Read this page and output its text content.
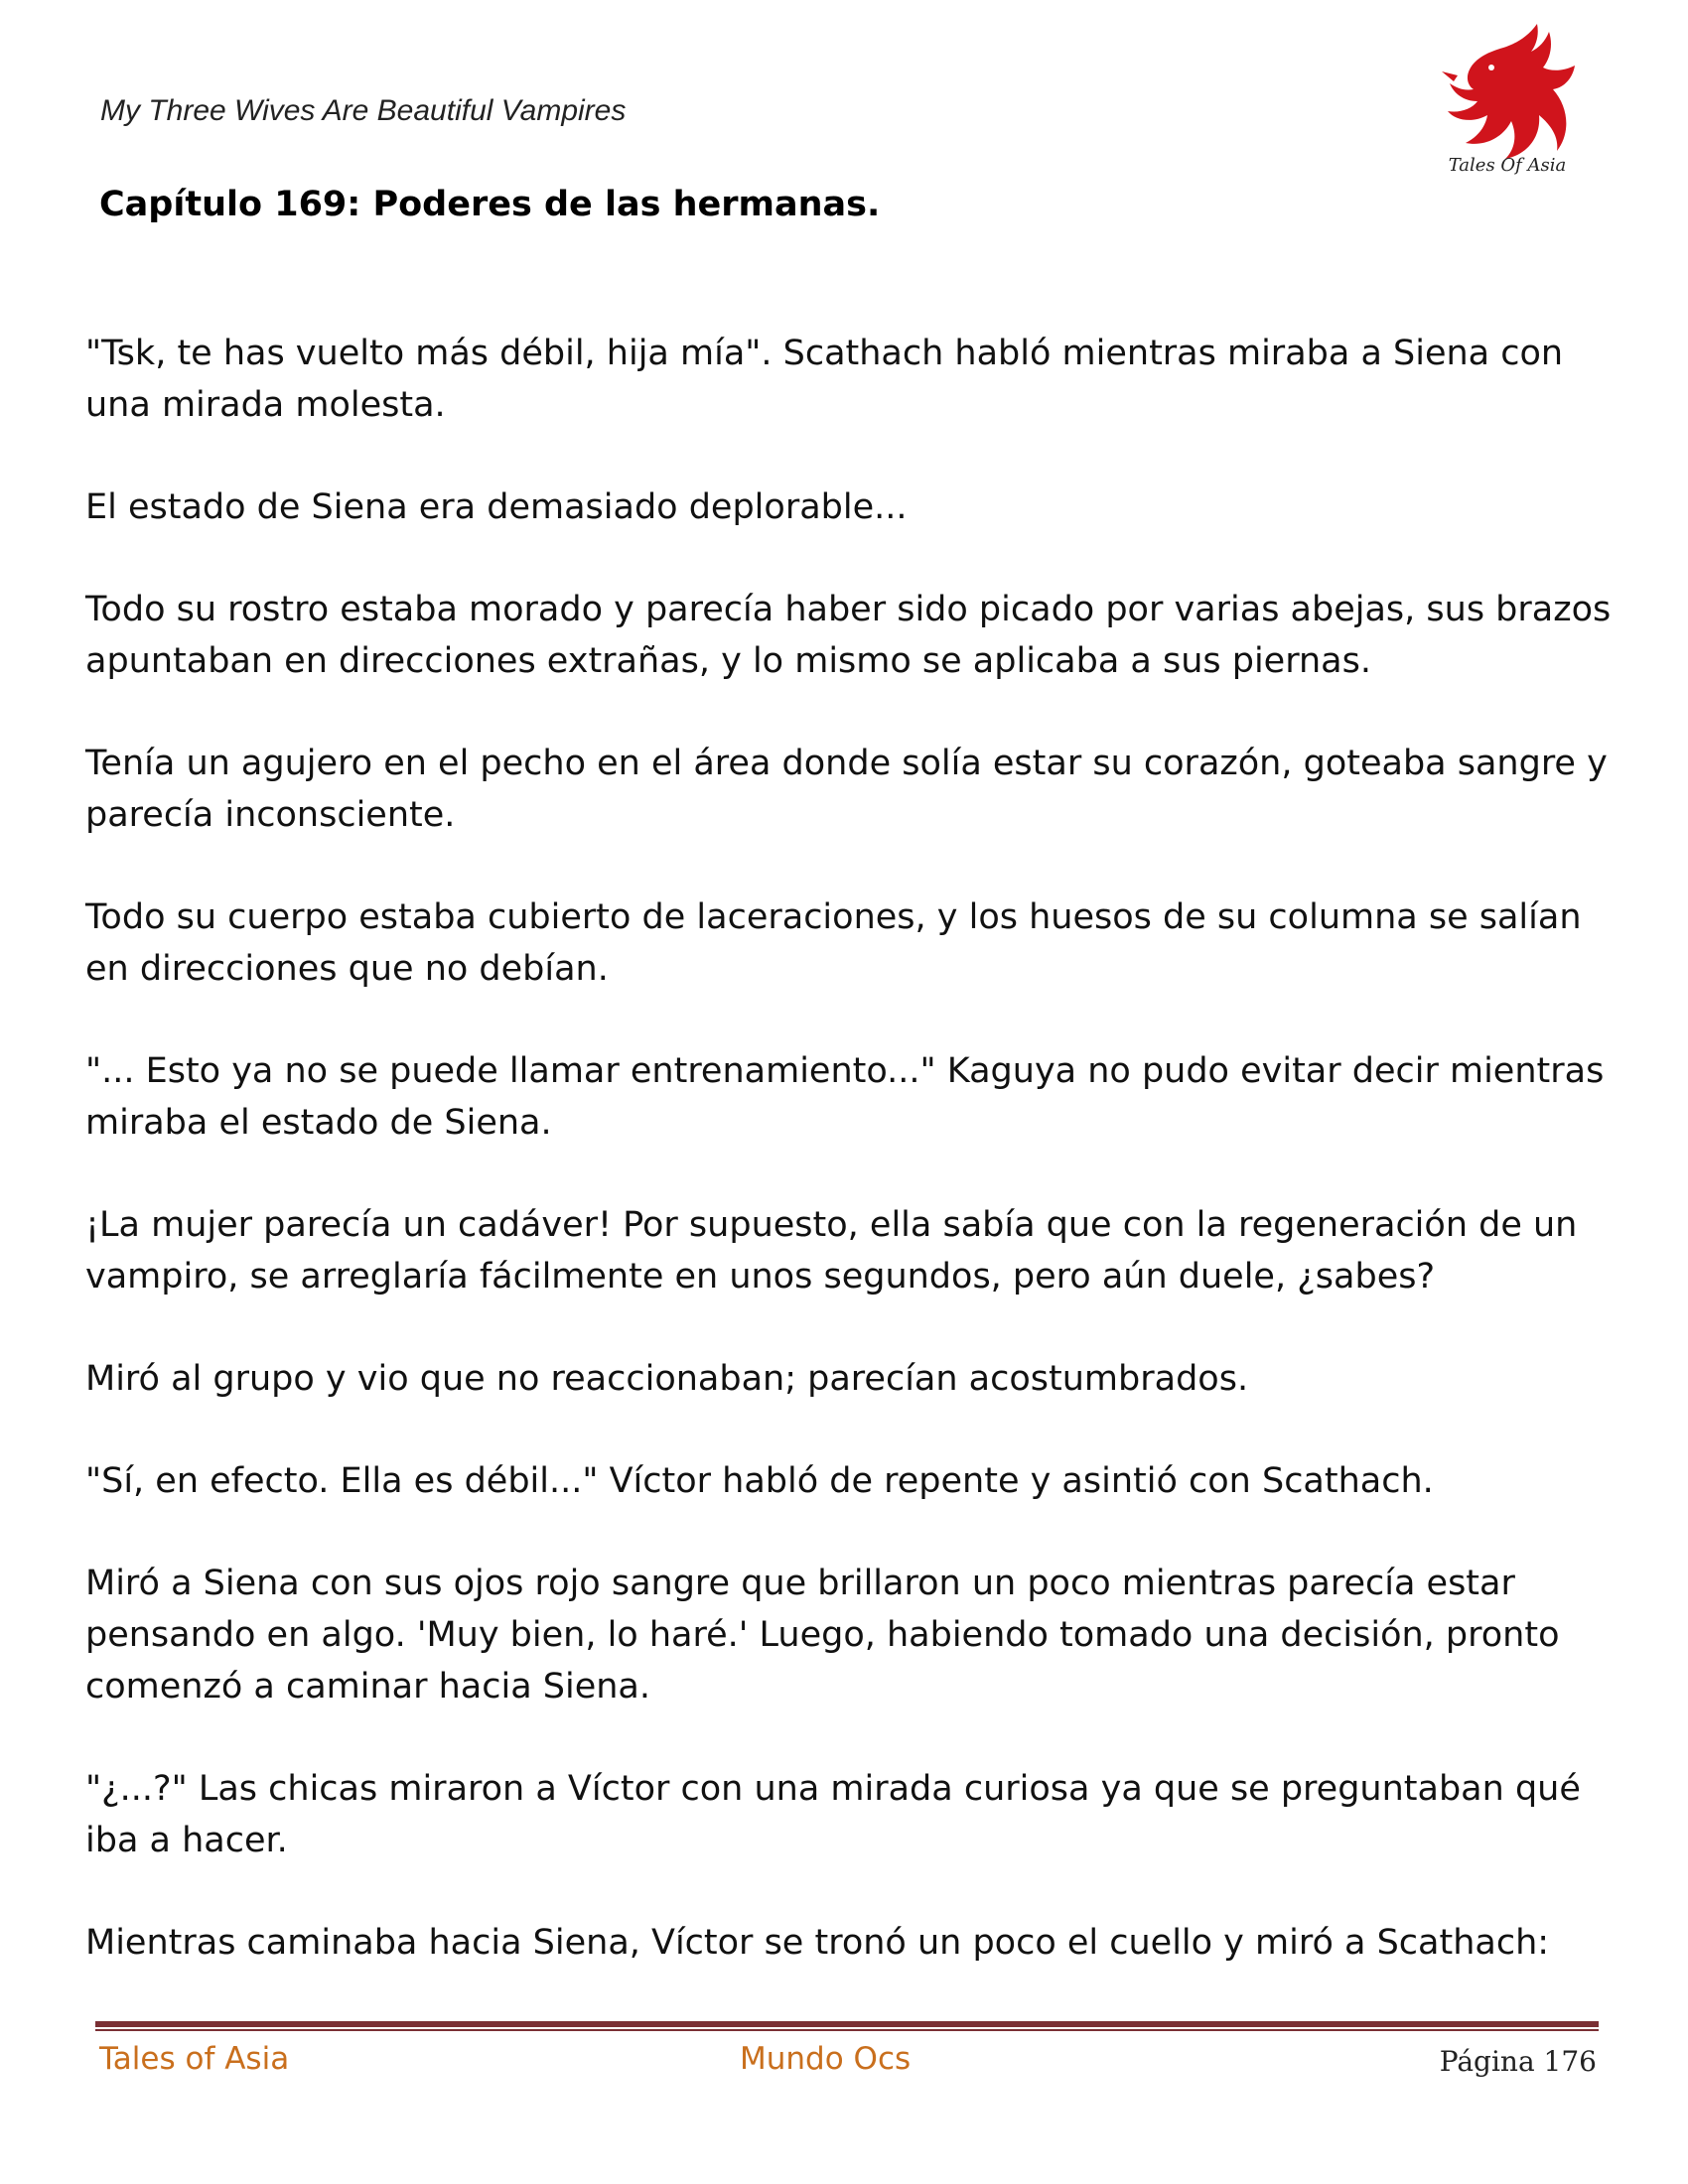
My Three Wives Are Beautiful Vampires

Tales Of Asia
Capítulo 169: Poderes de las hermanas.

"Tsk, te has vuelto más débil, hija mía". Scathach habló mientras miraba a Siena con una mirada molesta.

El estado de Siena era demasiado deplorable...

Todo su rostro estaba morado y parecía haber sido picado por varias abejas, sus brazos apuntaban en direcciones extrañas, y lo mismo se aplicaba a sus piernas.

Tenía un agujero en el pecho en el área donde solía estar su corazón, goteaba sangre y parecía inconsciente.

Todo su cuerpo estaba cubierto de laceraciones, y los huesos de su columna se salían en direcciones que no debían.

"... Esto ya no se puede llamar entrenamiento..." Kaguya no pudo evitar decir mientras miraba el estado de Siena.

¡La mujer parecía un cadáver! Por supuesto, ella sabía que con la regeneración de un vampiro, se arreglaría fácilmente en unos segundos, pero aún duele, ¿sabes?

Miró al grupo y vio que no reaccionaban; parecían acostumbrados.

"Sí, en efecto. Ella es débil..." Víctor habló de repente y asintió con Scathach.

Miró a Siena con sus ojos rojo sangre que brillaron un poco mientras parecía estar pensando en algo. 'Muy bien, lo haré.' Luego, habiendo tomado una decisión, pronto comenzó a caminar hacia Siena.

"¿...?" Las chicas miraron a Víctor con una mirada curiosa ya que se preguntaban qué iba a hacer.

Mientras caminaba hacia Siena, Víctor se tronó un poco el cuello y miró a Scathach:

Tales of Asia	Mundo Ocs	Página 176
